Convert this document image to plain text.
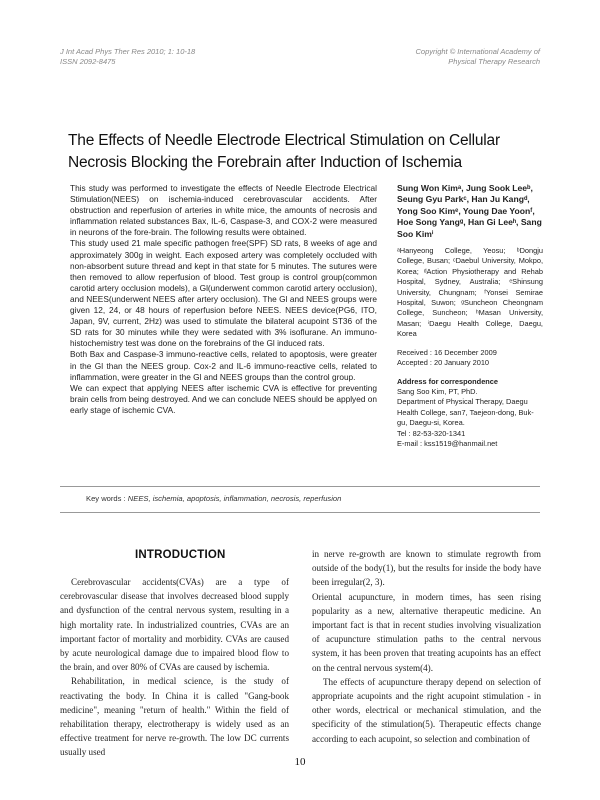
J Int Acad Phys Ther Res 2010; 1: 10-18
ISSN 2092-8475
Copyright © International Academy of
Physical Therapy Research
The Effects of Needle Electrode Electrical Stimulation on Cellular
Necrosis Blocking the Forebrain after Induction of Ischemia

This study was performed to investigate the effects of Needle Electrode Electrical Stimulation(NEES) on ischemia-induced cerebrovascular accidents. After obstruction and reperfusion of arteries in white mice, the amounts of necrosis and inflammation related substances Bax, IL-6, Caspase-3, and COX-2 were measured in neurons of the fore-brain. The following results were obtained.

This study used 21 male specific pathogen free(SPF) SD rats, 8 weeks of age and approximately 300g in weight. Each exposed artery was completely occluded with non-absorbent suture thread and kept in that state for 5 minutes. The sutures were then removed to allow reperfusion of blood. Test group is control group(common carotid artery occlusion models), a Gl(underwent common carotid artery occlusion), and NEES(underwent NEES after artery occlusion). The Gl and NEES groups were given 12, 24, or 48 hours of reperfusion before NEES. NEES device(PG6, ITO, Japan, 9V, current, 2Hz) was used to stimulate the bilateral acupoint ST36 of the SD rats for 30 minutes while they were sedated with 3% isoflurane. An immuno-histochemistry test was done on the forebrains of the Gl induced rats.

Both Bax and Caspase-3 immuno-reactive cells, related to apoptosis, were greater in the Gl than the NEES group. Cox-2 and IL-6 immuno-reactive cells, related to inflammation, were greater in the Gl and NEES groups than the control group.

We can expect that applying NEES after ischemic CVA is effective for preventing brain cells from being destroyed. And we can conclude NEES should be applyed on early stage of ischemic CVA.

Sung Won Kimᵃ, Jung Sook Leeᵇ, Seung Gyu Parkᶜ, Han Ju Kangᵈ, Yong Soo Kimᵉ, Young Dae Yoonᶠ, Hoe Song Yangᵍ, Han Gi Leeʰ, Sang Soo Kimⁱ
ᵃHanyeong College, Yeosu; ᵇDongju College, Busan; ᶜDaebul University, Mokpo, Korea; ᵈAction Physiotherapy and Rehab Hospital, Sydney, Australia; ᵉShinsung University, Chungnam; ᶠYonsei Semirae Hospital, Suwon; ᵍSuncheon Cheongnam College, Suncheon; ʰMasan University, Masan; ⁱDaegu Health College, Daegu, Korea
Received : 16 December 2009
Accepted : 20 January 2010
Address for correspondence
Sang Soo Kim, PT, PhD.
Department of Physical Therapy, Daegu Health College, san7, Taejeon-dong, Buk-gu, Daegu-si, Korea.
Tel : 82-53-320-1341
E-mail : kss1519@hanmail.net
Key words : NEES, ischemia, apoptosis, inflammation, necrosis, reperfusion
INTRODUCTION

Cerebrovascular accidents(CVAs) are a type of cerebrovascular disease that involves decreased blood supply and dysfunction of the central nervous system, resulting in a high mortality rate. In industrialized countries, CVAs are an important factor of mortality and morbidity. CVAs are caused by acute neurological damage due to impaired blood flow to the brain, and over 80% of CVAs are caused by ischemia.

Rehabilitation, in medical science, is the study of reactivating the body. In China it is called "Gang-book medicine", meaning "return of health." Within the field of rehabilitation therapy, electrotherapy is widely used as an effective treatment for nerve re-growth. The low DC currents usually used

in nerve re-growth are known to stimulate regrowth from outside of the body(1), but the results for inside the body have been irregular(2, 3).

Oriental acupuncture, in modern times, has seen rising popularity as a new, alternative therapeutic medicine. An important fact is that in recent studies involving visualization of acupuncture stimulation paths to the central nervous system, it has been proven that treating acupoints has an effect on the central nervous system(4).

The effects of acupuncture therapy depend on selection of appropriate acupoints and the right acupoint stimulation - in other words, electrical or mechanical stimulation, and the specificity of the stimulation(5). Therapeutic effects change according to each acupoint, so selection and combination of

10
